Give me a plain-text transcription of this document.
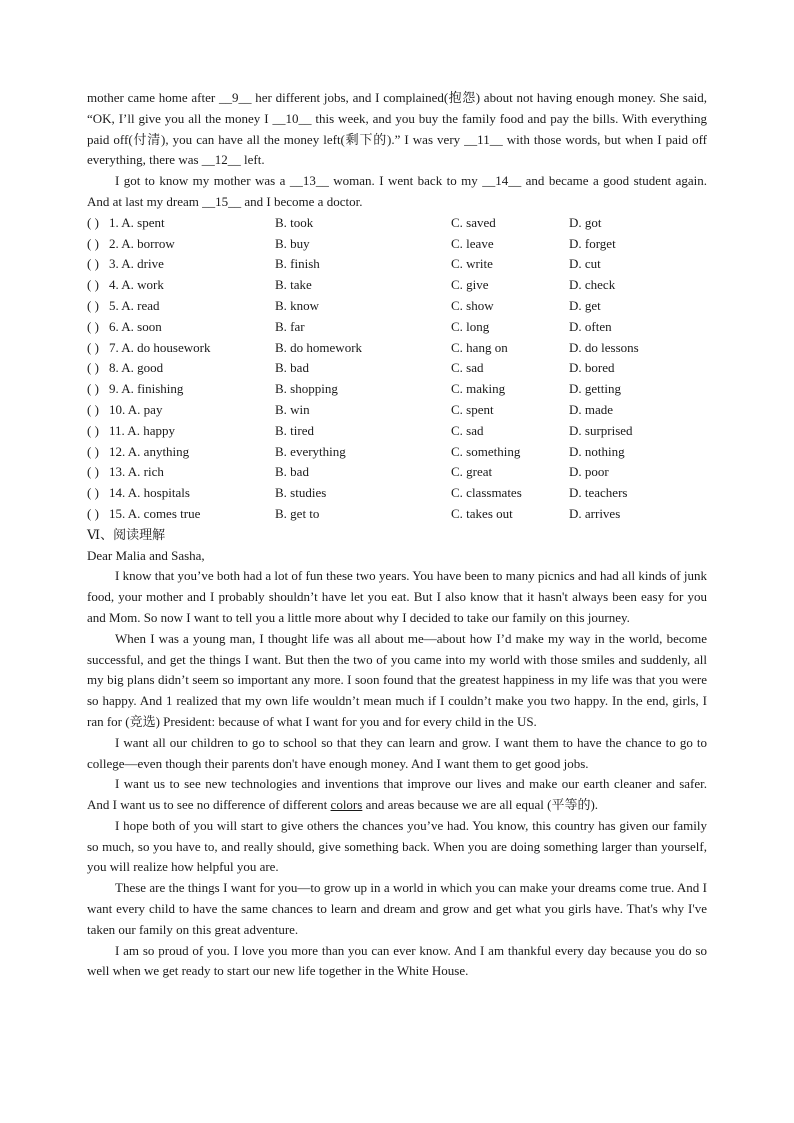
mother came home after __9__ her different jobs, and I complained(抱怨) about not having enough money. She said, “OK, I’ll give you all the money I __10__ this week, and you buy the family food and pay the bills. With everything paid off(付清), you can have all the money left(剩下的).” I was very __11__ with those words, but when I paid off everything, there was __12__ left.

I got to know my mother was a __13__ woman. I went back to my __14__ and became a good student again. And at last my dream __15__ and I become a doctor.

( ) 1. A. spent	B. took	C. saved	D. got
( ) 2. A. borrow	B. buy	C. leave	D. forget
( ) 3. A. drive	B. finish	C. write	D. cut
( ) 4. A. work	B. take	C. give	D. check
( ) 5. A. read	B. know	C. show	D. get
( ) 6. A. soon	B. far	C. long	D. often
( ) 7. A. do housework	B. do homework	C. hang on	D. do lessons
( ) 8. A. good	B. bad	C. sad	D. bored
( ) 9. A. finishing	B. shopping	C. making	D. getting
( ) 10. A. pay	B. win	C. spent	D. made
( ) 11. A. happy	B. tired	C. sad	D. surprised
( ) 12. A. anything	B. everything	C. something	D. nothing
( ) 13. A. rich	B. bad	C. great	D. poor
( ) 14. A. hospitals	B. studies	C. classmates	D. teachers
( ) 15. A. comes true	B. get to	C. takes out	D. arrives

Ⅵ、阅读理解

Dear Malia and Sasha,

I know that you’ve both had a lot of fun these two years. You have been to many picnics and had all kinds of junk food, your mother and I probably shouldn’t have let you eat. But I also know that it hasn't always been easy for you and Mom. So now I want to tell you a little more about why I decided to take our family on this journey.

When I was a young man, I thought life was all about me—about how I’d make my way in the world, become successful, and get the things I want. But then the two of you came into my world with those smiles and suddenly, all my big plans didn’t seem so important any more. I soon found that the greatest happiness in my life was that you were so happy. And 1 realized that my own life wouldn’t mean much if I couldn’t make you two happy. In the end, girls, I ran for (竞选) President: because of what I want for you and for every child in the US.

I want all our children to go to school so that they can learn and grow. I want them to have the chance to go to college—even though their parents don't have enough money. And I want them to get good jobs.

I want us to see new technologies and inventions that improve our lives and make our earth cleaner and safer. And I want us to see no difference of different colors and areas because we are all equal (平等的).

I hope both of you will start to give others the chances you’ve had. You know, this country has given our family so much, so you have to, and really should, give something back. When you are doing something larger than yourself, you will realize how helpful you are.

These are the things I want for you—to grow up in a world in which you can make your dreams come true. And I want every child to have the same chances to learn and dream and grow and get what you girls have. That's why I've taken our family on this great adventure.

I am so proud of you. I love you more than you can ever know. And I am thankful every day because you do so well when we get ready to start our new life together in the White House.
